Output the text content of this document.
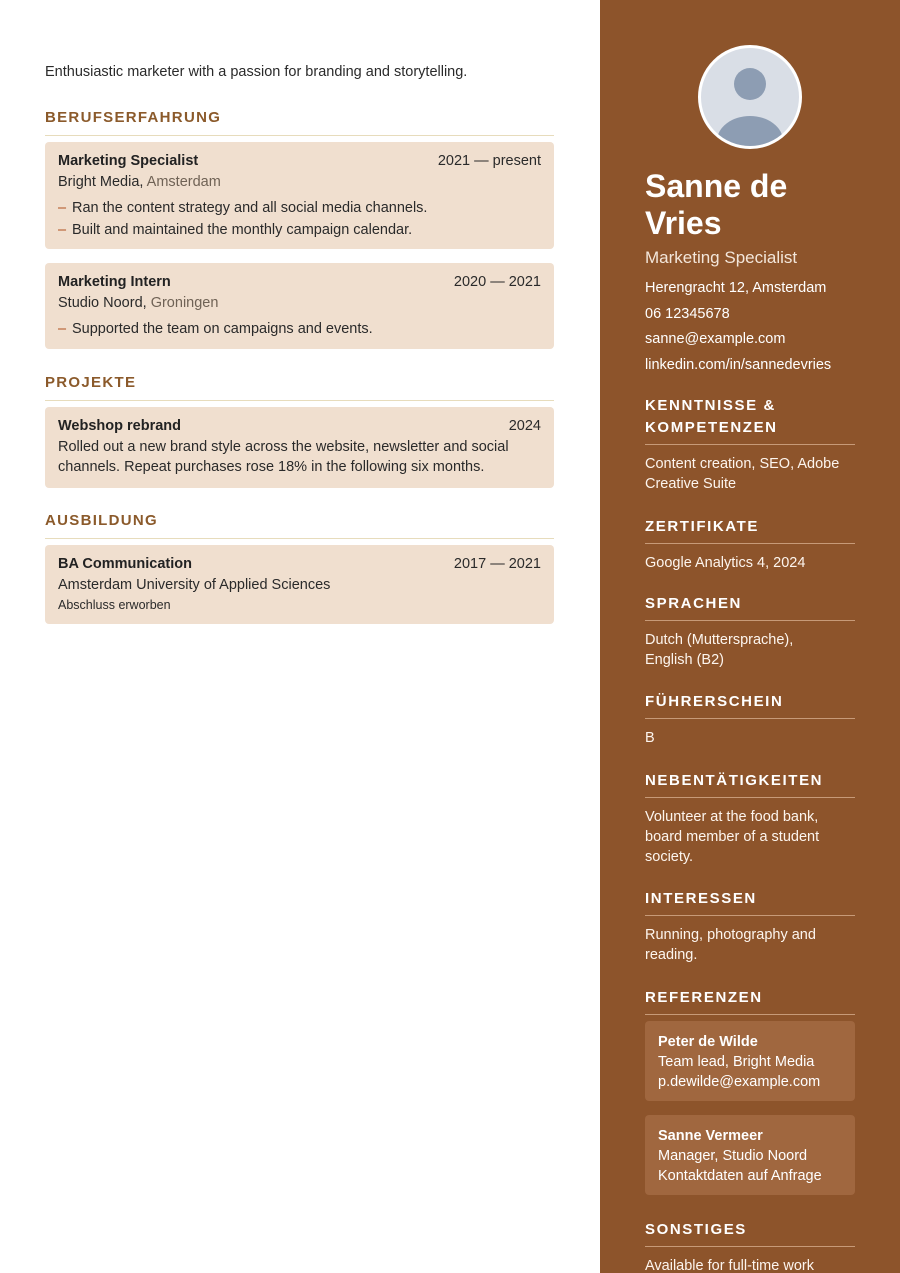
Enthusiastic marketer with a passion for branding and storytelling.
BERUFSERFAHRUNG
Marketing Specialist	2021 — present
Bright Media, Amsterdam
– Ran the content strategy and all social media channels.
– Built and maintained the monthly campaign calendar.
Marketing Intern	2020 — 2021
Studio Noord, Groningen
– Supported the team on campaigns and events.
PROJEKTE
Webshop rebrand	2024
Rolled out a new brand style across the website, newsletter and social
channels. Repeat purchases rose 18% in the following six months.
AUSBILDUNG
BA Communication	2017 — 2021
Amsterdam University of Applied Sciences
Abschluss erworben
Sanne de
Vries
Marketing Specialist
Herengracht 12, Amsterdam
06 12345678
sanne@example.com
linkedin.com/in/sannedevries
KENNTNISSE &
KOMPETENZEN
Content creation, SEO, Adobe
Creative Suite
ZERTIFIKATE
Google Analytics 4, 2024
SPRACHEN
Dutch (Muttersprache),
English (B2)
FÜHRERSCHEIN
B
NEBENTÄTIGKEITEN
Volunteer at the food bank,
board member of a student
society.
INTERESSEN
Running, photography and
reading.
REFERENZEN
Peter de Wilde
Team lead, Bright Media
p.dewilde@example.com
Sanne Vermeer
Manager, Studio Noord
Kontaktdaten auf Anfrage
SONSTIGES
Available for full-time work
